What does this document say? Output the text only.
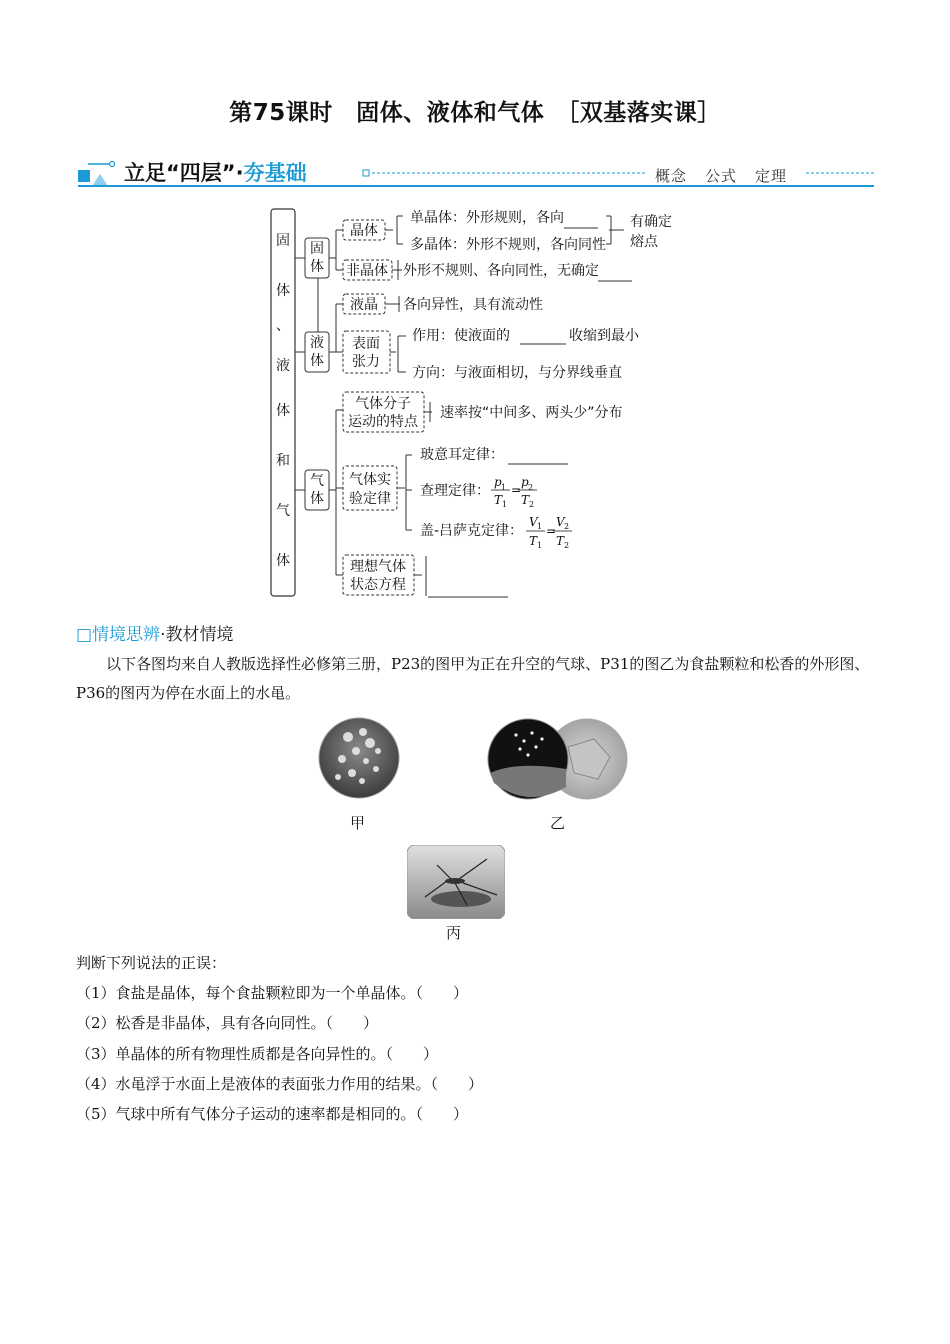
第75课时　固体、液体和气体　［双基落实课］
立足“四层”·夯基础	概念 公式 定理
固
体
、
液
体
和
气
体
固
体
液
体
气
体
晶体
非晶体
液晶
表面
张力
气体分子
运动的特点
气体实
验定律
理想气体
状态方程
单晶体：外形规则，各向
多晶体：外形不规则，各向同性
有确定
熔点
外形不规则、各向同性，无确定
各向异性，具有流动性
作用：使液面的	收缩到最小
方向：与液面相切，与分界线垂直
速率按“中间多、两头少”分布
玻意耳定律：
查理定律：
盖-吕萨克定律：
p 1
T 1
=
p 2
T 2
V 1
T 1
=
V 2
T 2
□情境思辨·教材情境
以下各图均来自人教版选择性必修第三册，P23的图甲为正在升空的气球、P31的图乙为食盐颗粒和松香的外形图、P36的图丙为停在水面上的水黾。
甲	乙
丙
判断下列说法的正误：
（1）食盐是晶体，每个食盐颗粒即为一个单晶体。（　　）
（2）松香是非晶体，具有各向同性。（　　）
（3）单晶体的所有物理性质都是各向异性的。（　　）
（4）水黾浮于水面上是液体的表面张力作用的结果。（　　）
（5）气球中所有气体分子运动的速率都是相同的。（　　）
